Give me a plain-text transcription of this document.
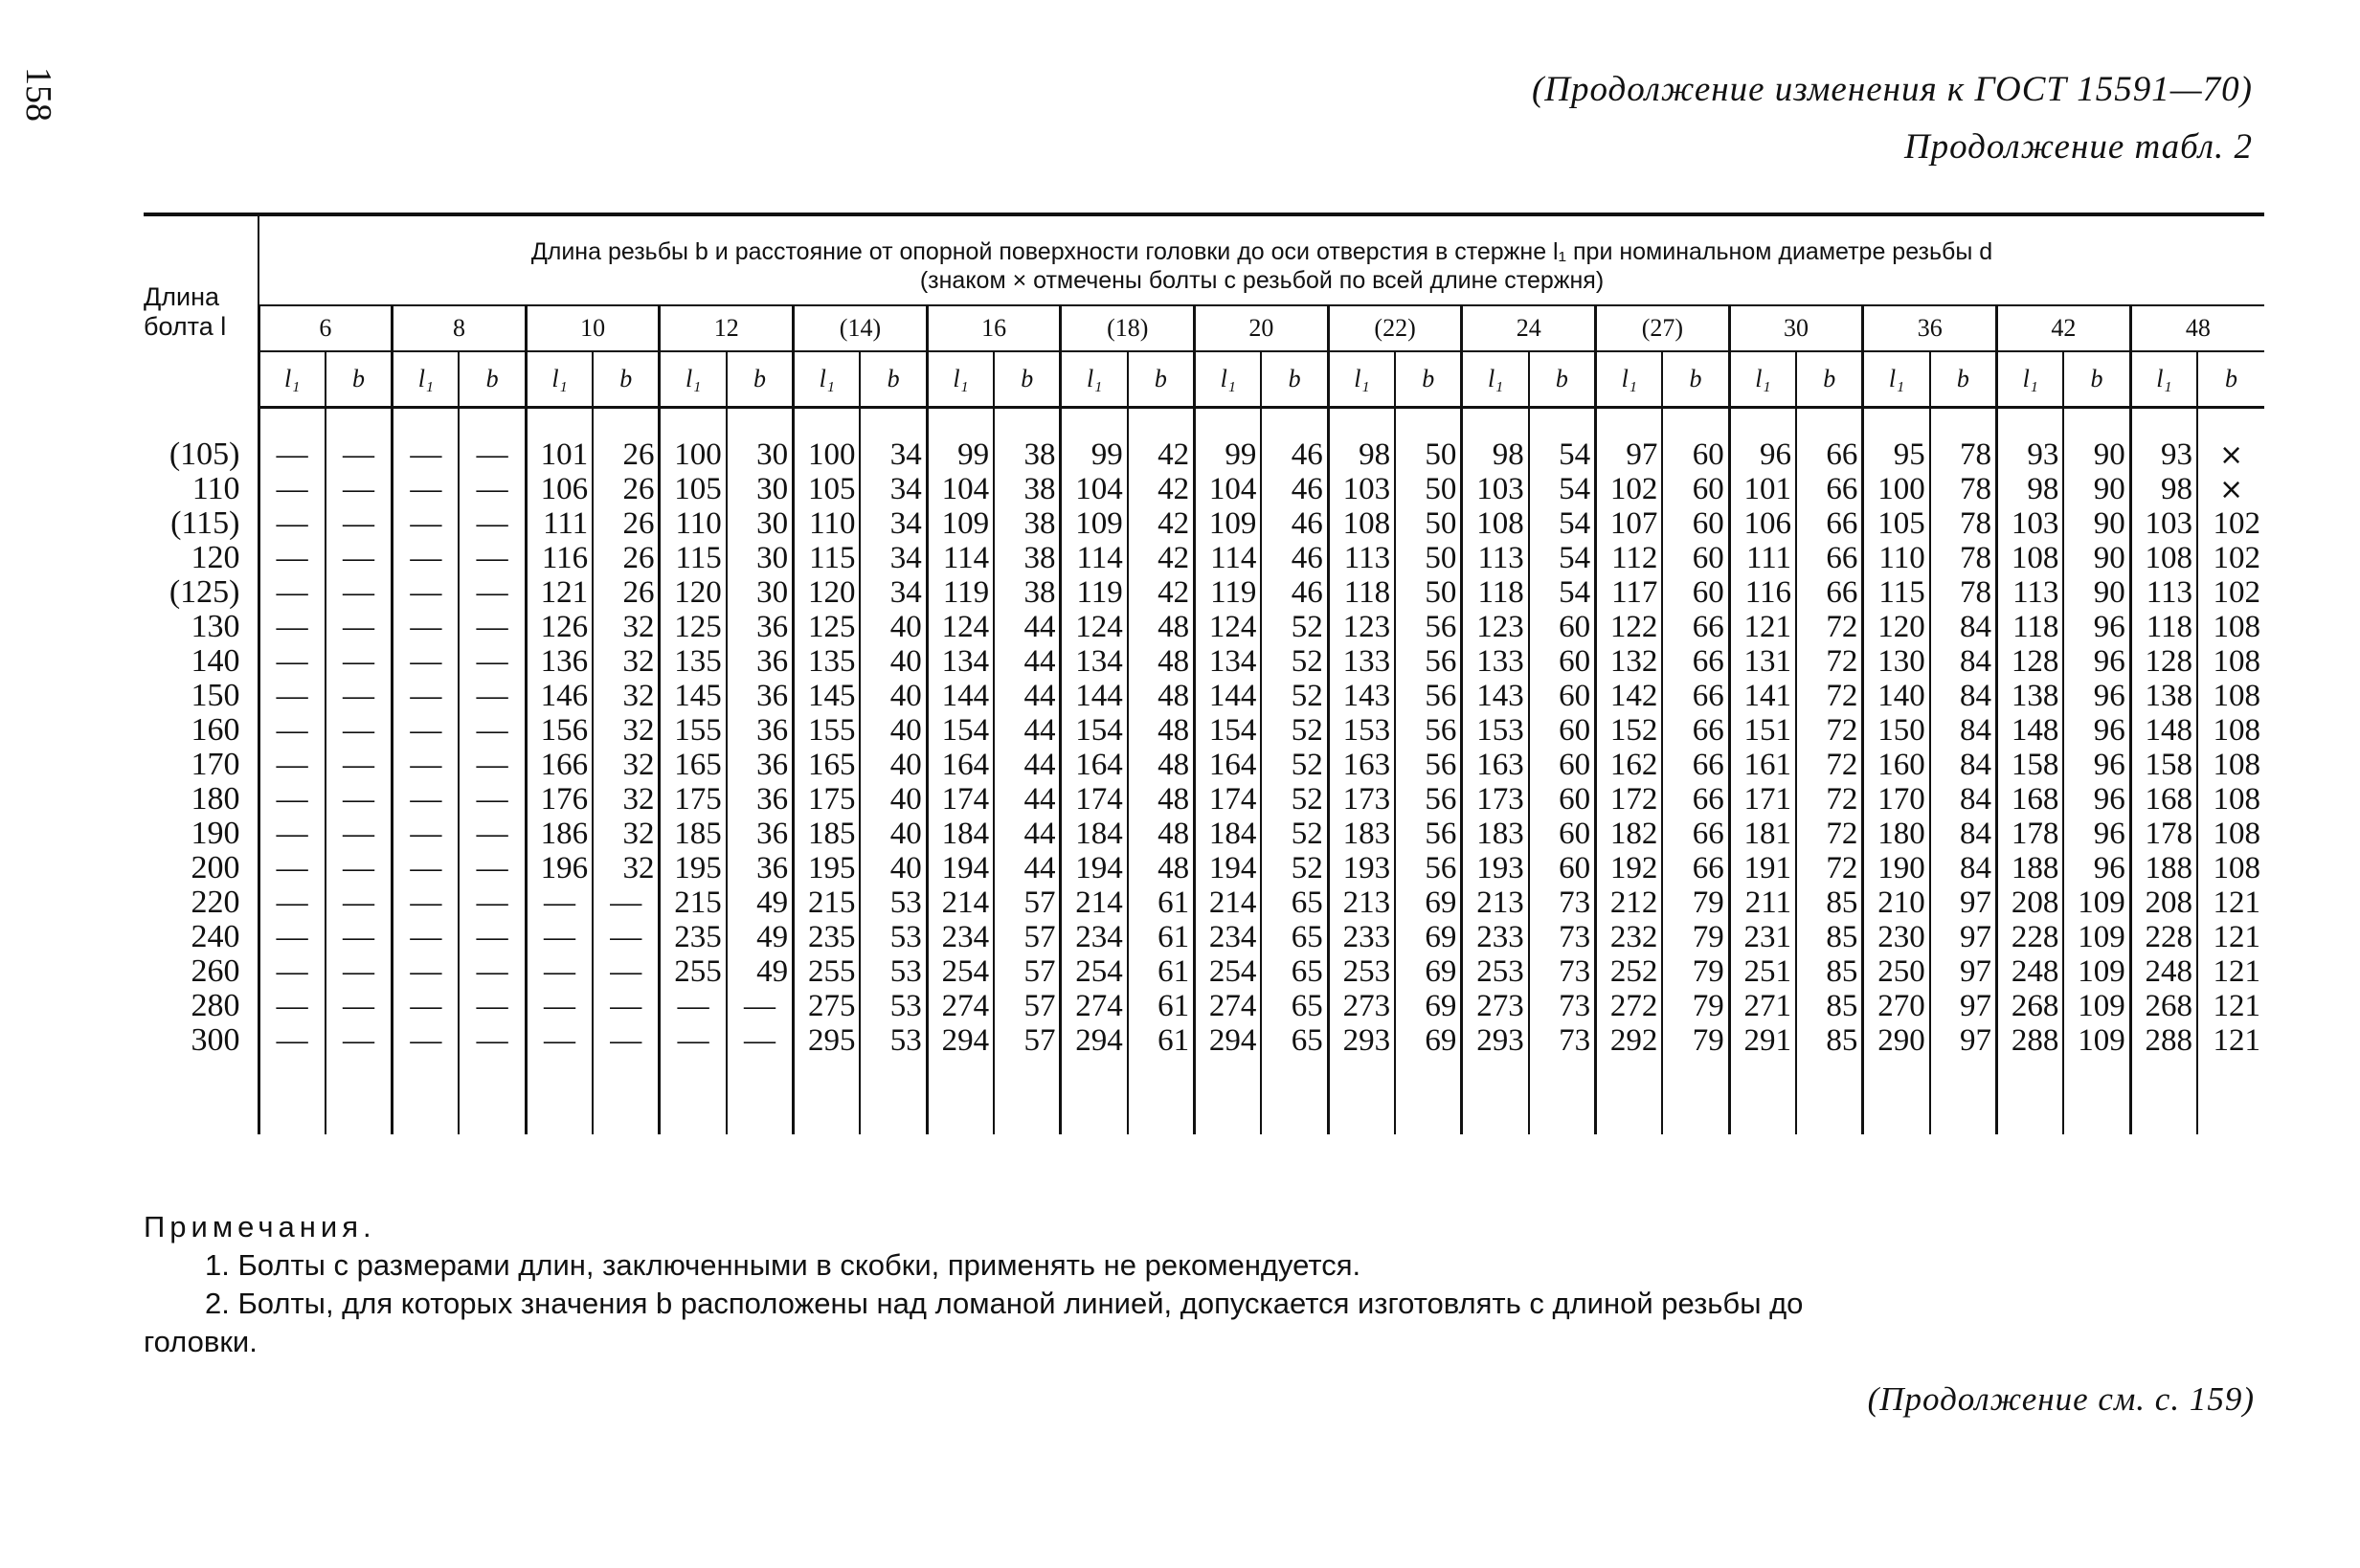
158	(Продолжение изменения к ГОСТ 15591—70)
Продолжение табл. 2
Длина
болта l	Длина резьбы b и расстояние от опорной поверхности головки до оси отверстия в стержне l₁ при номинальном диаметре резьбы d
(знаком × отмечены болты с резьбой по всей длине стержня)																													
	6		8		10		12		(14)		16		(18)		20		(22)		24		(27)		30		36		42		48	
	l₁	b	l₁	b	l₁	b	l₁	b	l₁	b	l₁	b	l₁	b	l₁	b	l₁	b	l₁	b	l₁	b	l₁	b	l₁	b	l₁	b	l₁	b

(105)	—	—	—	—	101	26	100	30	100	34	99	38	99	42	99	46	98	50	98	54	97	60	96	66	95	78	93	90	93	×
110	—	—	—	—	106	26	105	30	105	34	104	38	104	42	104	46	103	50	103	54	102	60	101	66	100	78	98	90	98	×
(115)	—	—	—	—	111	26	110	30	110	34	109	38	109	42	109	46	108	50	108	54	107	60	106	66	105	78	103	90	103	102
120	—	—	—	—	116	26	115	30	115	34	114	38	114	42	114	46	113	50	113	54	112	60	111	66	110	78	108	90	108	102
(125)	—	—	—	—	121	26	120	30	120	34	119	38	119	42	119	46	118	50	118	54	117	60	116	66	115	78	113	90	113	102
130	—	—	—	—	126	32	125	36	125	40	124	44	124	48	124	52	123	56	123	60	122	66	121	72	120	84	118	96	118	108
140	—	—	—	—	136	32	135	36	135	40	134	44	134	48	134	52	133	56	133	60	132	66	131	72	130	84	128	96	128	108
150	—	—	—	—	146	32	145	36	145	40	144	44	144	48	144	52	143	56	143	60	142	66	141	72	140	84	138	96	138	108
160	—	—	—	—	156	32	155	36	155	40	154	44	154	48	154	52	153	56	153	60	152	66	151	72	150	84	148	96	148	108
170	—	—	—	—	166	32	165	36	165	40	164	44	164	48	164	52	163	56	163	60	162	66	161	72	160	84	158	96	158	108
180	—	—	—	—	176	32	175	36	175	40	174	44	174	48	174	52	173	56	173	60	172	66	171	72	170	84	168	96	168	108
190	—	—	—	—	186	32	185	36	185	40	184	44	184	48	184	52	183	56	183	60	182	66	181	72	180	84	178	96	178	108
200	—	—	—	—	196	32	195	36	195	40	194	44	194	48	194	52	193	56	193	60	192	66	191	72	190	84	188	96	188	108
220	—	—	—	—	—	—	215	49	215	53	214	57	214	61	214	65	213	69	213	73	212	79	211	85	210	97	208	109	208	121
240	—	—	—	—	—	—	235	49	235	53	234	57	234	61	234	65	233	69	233	73	232	79	231	85	230	97	228	109	228	121
260	—	—	—	—	—	—	255	49	255	53	254	57	254	61	254	65	253	69	253	73	252	79	251	85	250	97	248	109	248	121
280	—	—	—	—	—	—	—	—	275	53	274	57	274	61	274	65	273	69	273	73	272	79	271	85	270	97	268	109	268	121
300	—	—	—	—	—	—	—	—	295	53	294	57	294	61	294	65	293	69	293	73	292	79	291	85	290	97	288	109	288	121

Примечания.

1. Болты с размерами длин, заключенными в скобки, применять не рекомендуется.

2. Болты, для которых значения b расположены над ломаной линией, допускается изготовлять с длиной резьбы до

головки.

(Продолжение см. с. 159)
